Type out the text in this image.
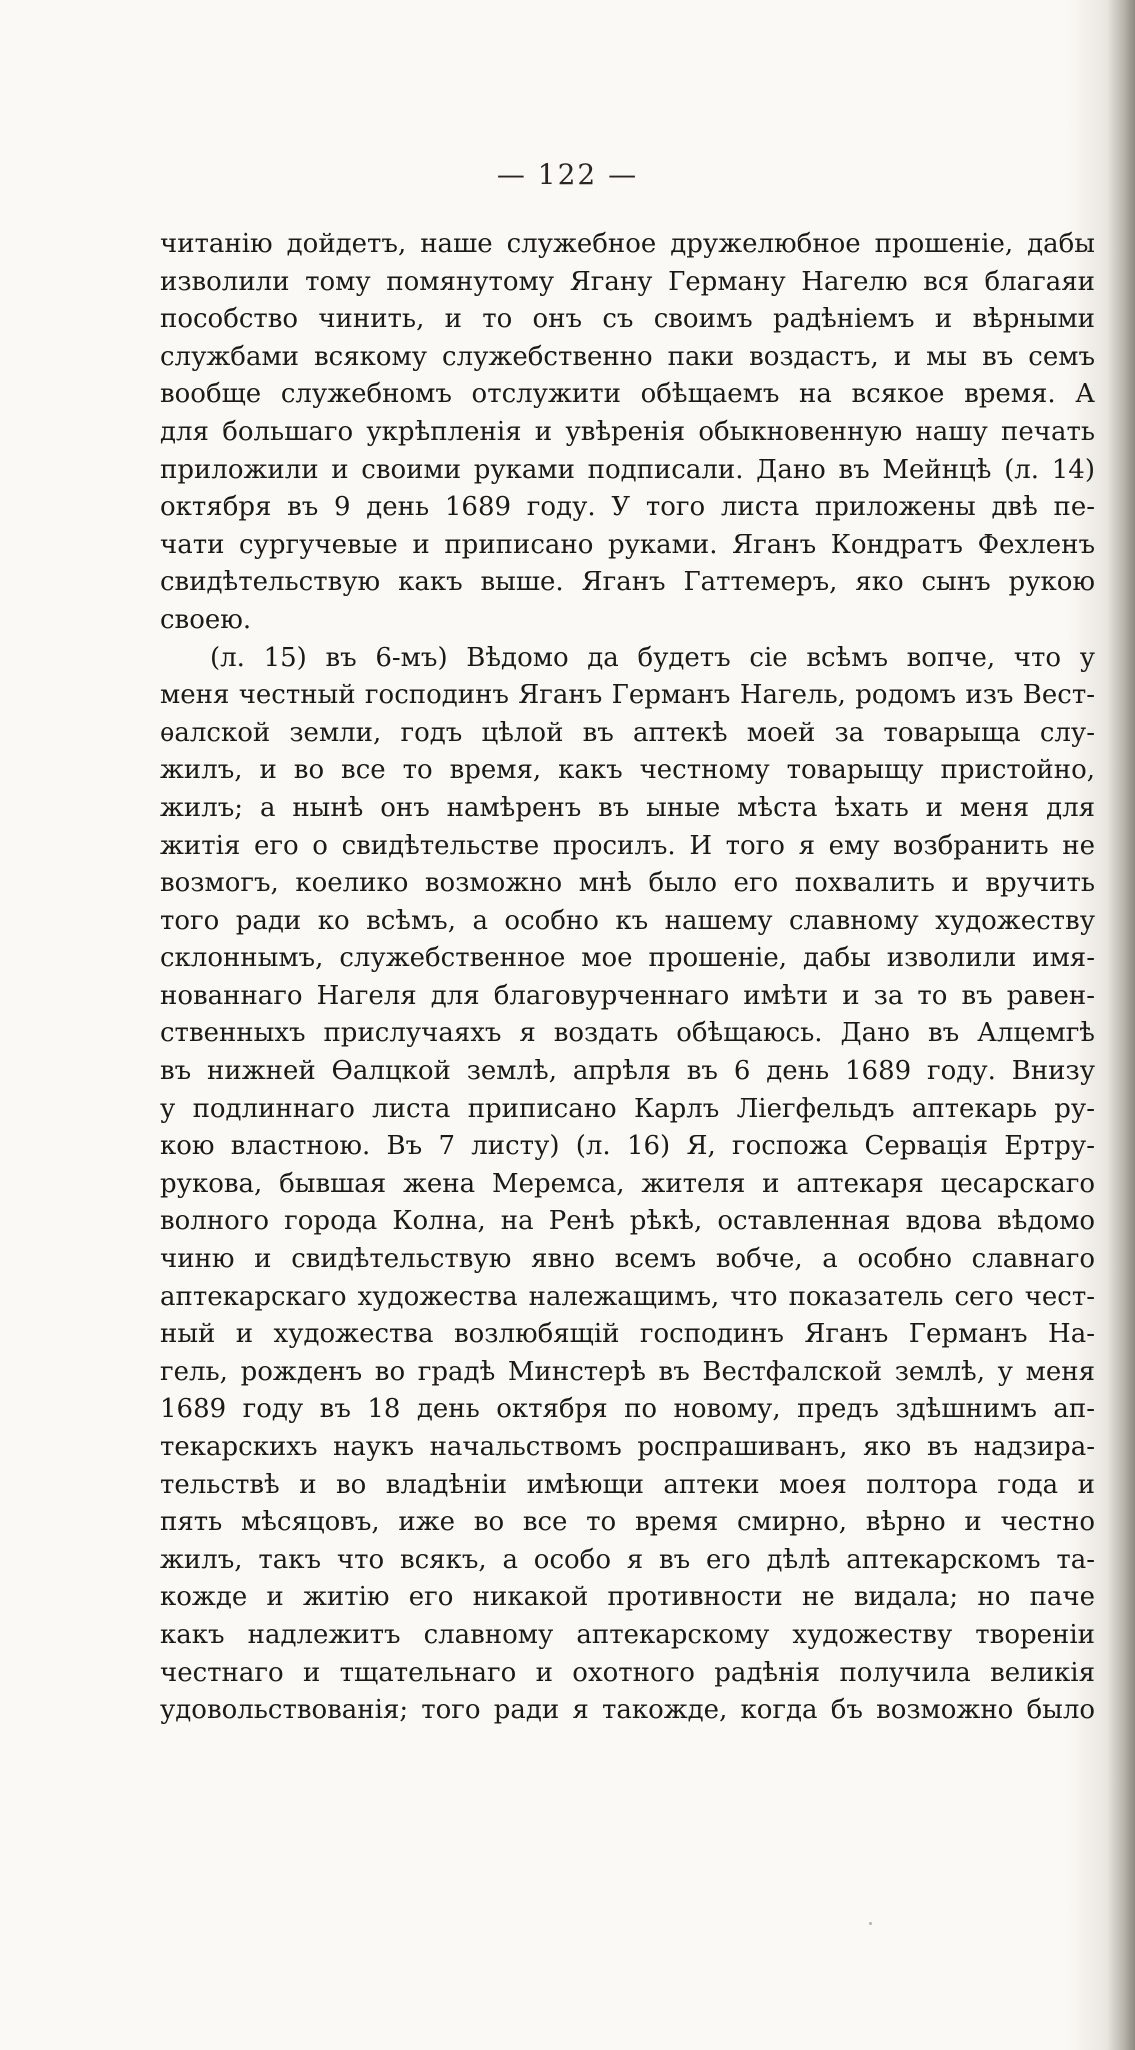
— 122 —
читанію дойдетъ, наше служебное дружелюбное прошеніе, дабы
изволили тому помянутому Ягану Герману Нагелю вся благаяи
пособство чинить, и то онъ съ своимъ радѣніемъ и вѣрными
службами всякому служебственно паки воздастъ, и мы въ семъ
вообще служебномъ отслужити обѣщаемъ на всякое время. А
для большаго укрѣпленія и увѣренія обыкновенную нашу печать
приложили и своими руками подписали. Дано въ Мейнцѣ (л. 14)
октября въ 9 день 1689 году. У того листа приложены двѣ пе-
чати сургучевые и приписано руками. Яганъ Кондратъ Фехленъ
свидѣтельствую какъ выше. Яганъ Гаттемеръ, яко сынъ рукою
своею.
(л. 15) въ 6-мъ) Вѣдомо да будетъ сіе всѣмъ вопче, что у
меня честный господинъ Яганъ Германъ Нагель, родомъ изъ Вест-
ѳалской земли, годъ цѣлой въ аптекѣ моей за товарыща слу-
жилъ, и во все то время, какъ честному товарыщу пристойно,
жилъ; а нынѣ онъ намѣренъ въ ыные мѣста ѣхать и меня для
житія его о свидѣтельстве просилъ. И того я ему возбранить не
возмогъ, коелико возможно мнѣ было его похвалить и вручить
того ради ко всѣмъ, а особно къ нашему славному художеству
склоннымъ, служебственное мое прошеніе, дабы изволили имя-
нованнаго Нагеля для благовурченнаго имѣти и за то въ равен-
ственныхъ прислучаяхъ я воздать обѣщаюсь. Дано въ Алцемгѣ
въ нижней Ѳалцкой землѣ, апрѣля въ 6 день 1689 году. Внизу
у подлиннаго листа приписано Карлъ Ліегфельдъ аптекарь ру-
кою властною. Въ 7 листу) (л. 16) Я, госпожа Сервація Ертру-
рукова, бывшая жена Меремса, жителя и аптекаря цесарскаго
волного города Колна, на Ренѣ рѣкѣ, оставленная вдова вѣдомо
чиню и свидѣтельствую явно всемъ вобче, а особно славнаго
аптекарскаго художества належащимъ, что показатель сего чест-
ный и художества возлюбящій господинъ Яганъ Германъ На-
гель, рожденъ во градѣ Минстерѣ въ Вестфалской землѣ, у меня
1689 году въ 18 день октября по новому, предъ здѣшнимъ ап-
текарскихъ наукъ начальствомъ роспрашиванъ, яко въ надзира-
тельствѣ и во владѣніи имѣющи аптеки моея полтора года и
пять мѣсяцовъ, иже во все то время смирно, вѣрно и честно
жилъ, такъ что всякъ, а особо я въ его дѣлѣ аптекарскомъ та-
кожде и житію его никакой противности не видала; но паче
какъ надлежитъ славному аптекарскому художеству твореніи
честнаго и тщательнаго и охотного радѣнія получила великія
удовольствованія; того ради я такожде, когда бъ возможно было
